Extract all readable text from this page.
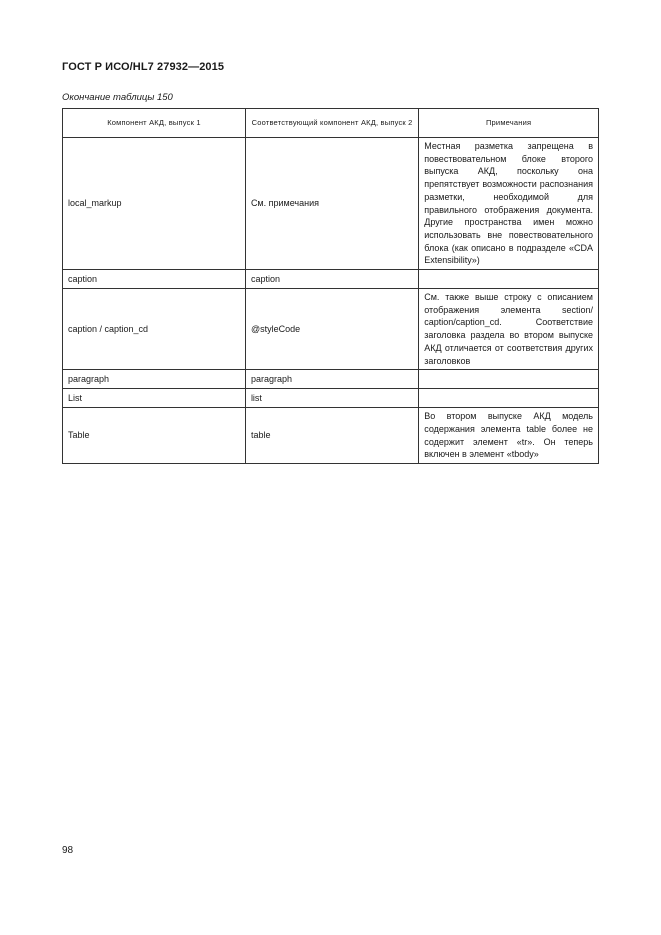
ГОСТ Р ИСО/HL7 27932—2015
Окончание таблицы 150
Компонент АКД, выпуск 1	Соответствующий компонент АКД, выпуск 2	Примечания
local_markup	См. примечания	Местная разметка запрещена в повествовательном блоке второго выпуска АКД, поскольку она препятствует возможности распознания разметки, необходимой для правильного отображения документа. Другие пространства имен можно использовать вне повествовательного блока (как описано в подразделе «CDA Extensibility»)
caption	caption	
caption / caption_cd	@styleCode	См. также выше строку с описанием отображения элемента section/ caption/caption_cd. Соответствие заголовка раздела во втором выпуске АКД отличается от соответствия других заголовков
paragraph	paragraph	
List	list	
Table	table	Во втором выпуске АКД модель содержания элемента table более не содержит элемент «tr». Он теперь включен в элемент «tbody»
98
